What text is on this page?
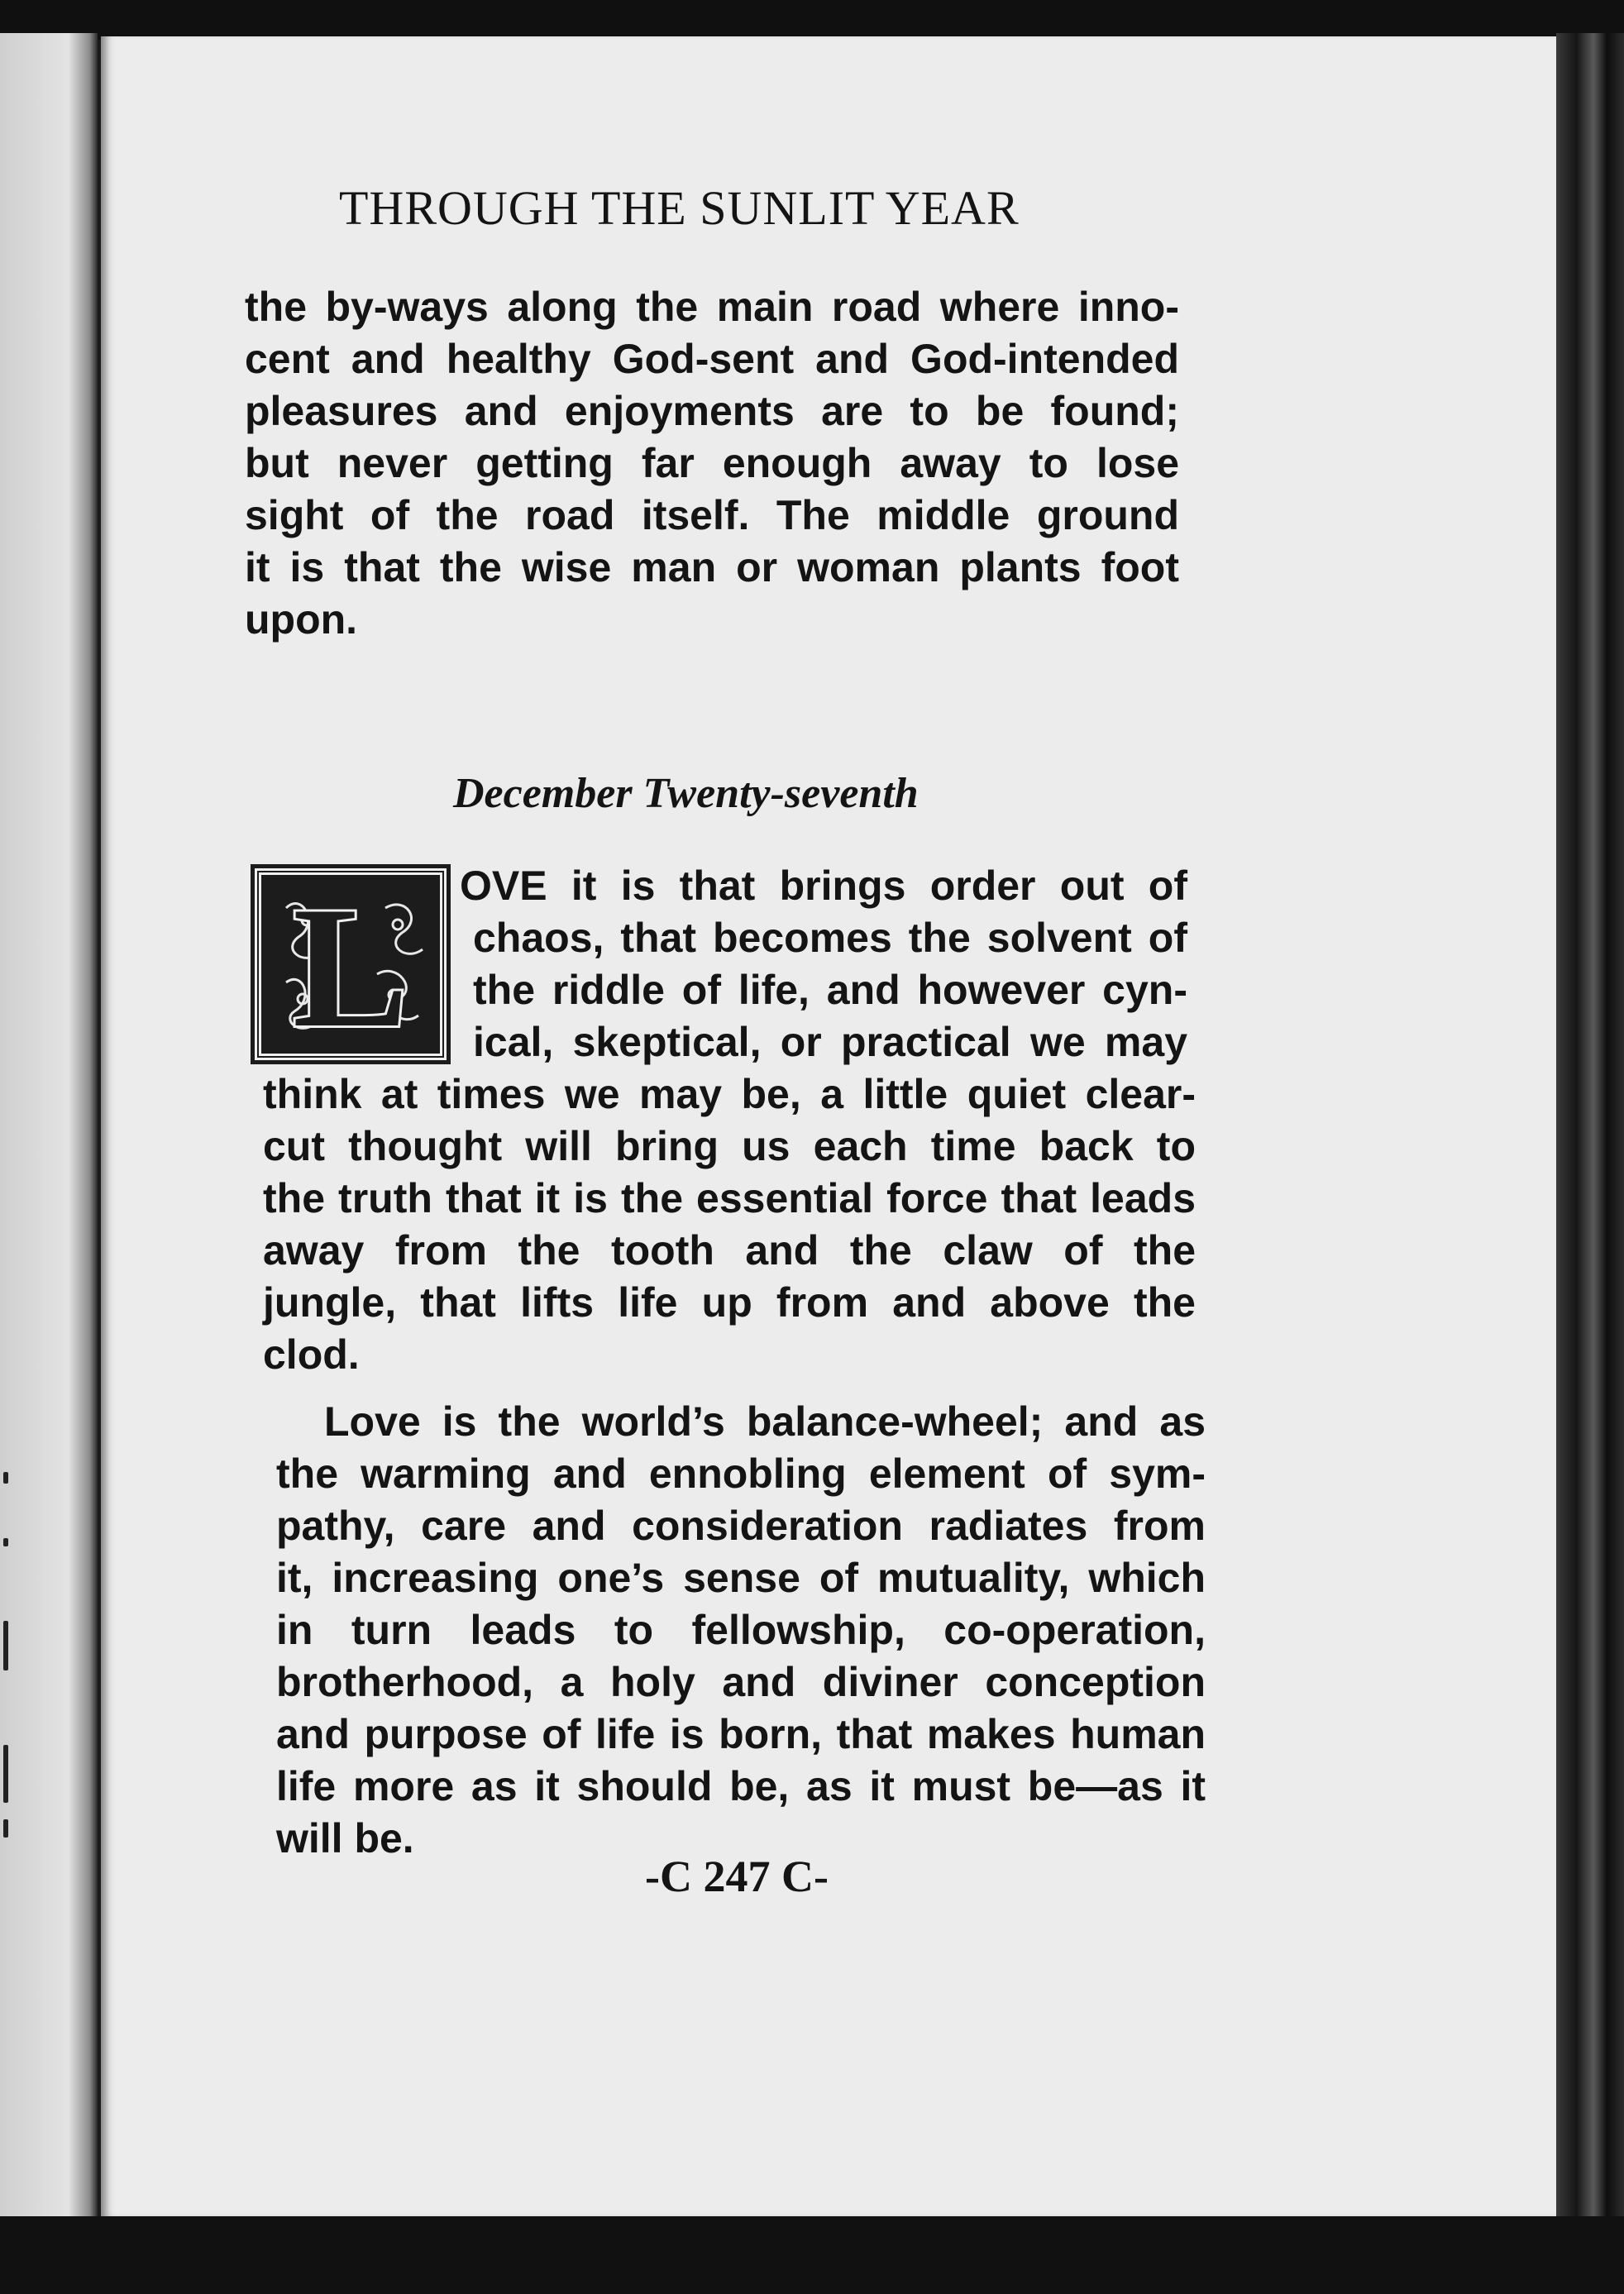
THROUGH THE SUNLIT YEAR
the by-ways along the main road where inno-
cent and healthy God-sent and God-intended
pleasures and enjoyments are to be found;
but never getting far enough away to lose
sight of the road itself. The middle ground
it is that the wise man or woman plants foot
upon.
December Twenty-seventh
L OVE it is that brings order out of
chaos, that becomes the solvent of
the riddle of life, and however cyn-
ical, skeptical, or practical we may
think at times we may be, a little quiet clear-
cut thought will bring us each time back to
the truth that it is the essential force that leads
away from the tooth and the claw of the
jungle, that lifts life up from and above the
clod.
Love is the world’s balance-wheel; and as
the warming and ennobling element of sym-
pathy, care and consideration radiates from
it, increasing one’s sense of mutuality, which
in turn leads to fellowship, co-operation,
brotherhood, a holy and diviner conception
and purpose of life is born, that makes human
life more as it should be, as it must be—as it
will be.
-C 247 C-
